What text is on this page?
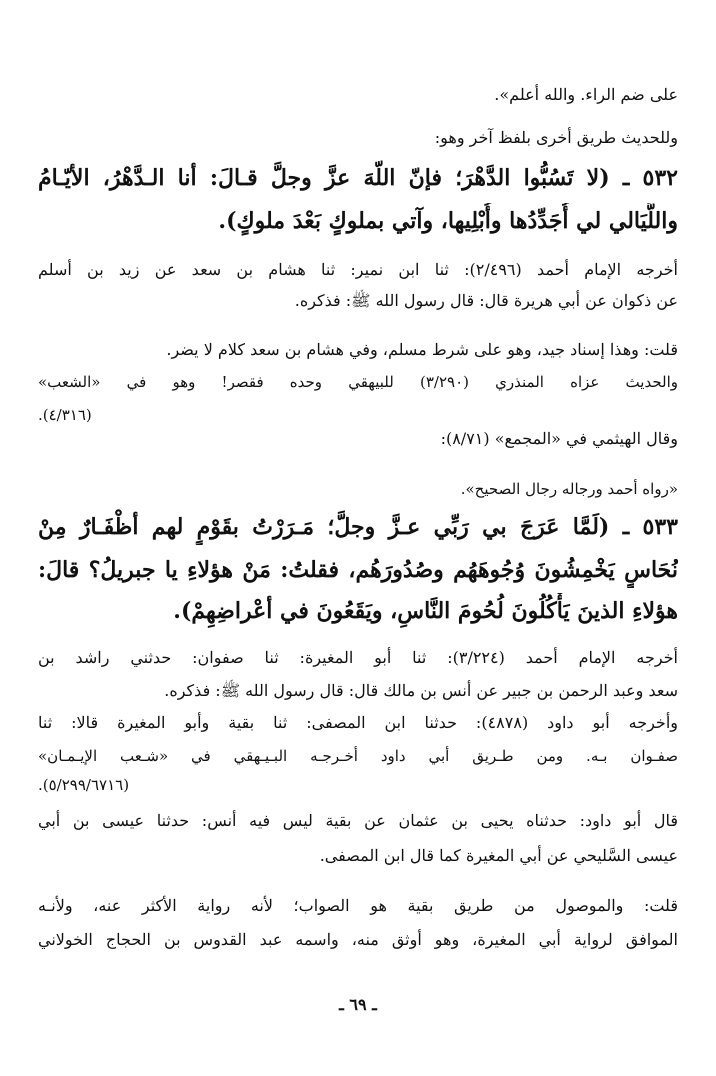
على ضم الراء. والله أعلم».
وللحديث طريق أخرى بلفظ آخر وهو:
٥٣٢ ـ (لا تَسُبُّوا الدَّهْرَ؛ فإنّ اللّهَ عزَّ وجلَّ قـالَ: أنا الـدَّهْرُ، الأيّـامُ
واللَّيَالي لي أُجَدِّدُها وأُبْلِيها، وآتي بملوكٍ بَعْدَ ملوكٍ).
أخرجه الإمام أحمد (٢/٤٩٦): ثنا ابن نمير: ثنا هشام بن سعد عن زيد بن أسلم
عن ذكوان عن أبي هريرة قال: قال رسول الله ﷺ: فذكره.
قلت: وهذا إسناد جيد، وهو على شرط مسلم، وفي هشام بن سعد كلام لا يضر.
والحديث عزاه المنذري (٣/٢٩٠) للبيهقي وحده فقصر! وهو في «الشعب»
(٤/٣١٦).
وقال الهيثمي في «المجمع» (٨/٧١):
«رواه أحمد ورجاله رجال الصحيح».
٥٣٣ ـ (لَمَّا عَرَجَ بي رَبِّي عـزَّ وجلَّ؛ مَـرَرْتُ بقَوْمٍ لهم أظْفَـارٌ مِنْ
نُحَاسٍ يَخْمِشُونَ وُجُوهَهُم وصُدُورَهُم، فقلتُ: مَنْ هؤلاءِ يا جبريلُ؟ قالَ:
هؤلاءِ الذينَ يَأْكُلُونَ لُحُومَ النَّاسِ، ويَقَعُونَ في أعْراضِهِمْ).
أخرجه الإمام أحمد (٣/٢٢٤): ثنا أبو المغيرة: ثنا صفوان: حدثني راشد بن
سعد وعبد الرحمن بن جبير عن أنس بن مالك قال: قال رسول الله ﷺ: فذكره.
وأخرجه أبو داود (٤٨٧٨): حدثنا ابن المصفى: ثنا بقية وأبو المغيرة قالا: ثنا
صفـوان بـه. ومن طـريق أبي داود أخـرجـه البـيـهقي في «شـعب الإيـمـان»
(٥/٢٩٩/٦٧١٦).
قال أبو داود: حدثناه يحيى بن عثمان عن بقية ليس فيه أنس: حدثنا عيسى بن أبي
عيسى السَّليحي عن أبي المغيرة كما قال ابن المصفى.
قلت: والموصول من طريق بقية هو الصواب؛ لأنه رواية الأكثر عنه، ولأنـه
الموافق لرواية أبي المغيرة، وهو أوثق منه، واسمه عبد القدوس بن الحجاج الخولاني
ـ ٦٩ ـ
